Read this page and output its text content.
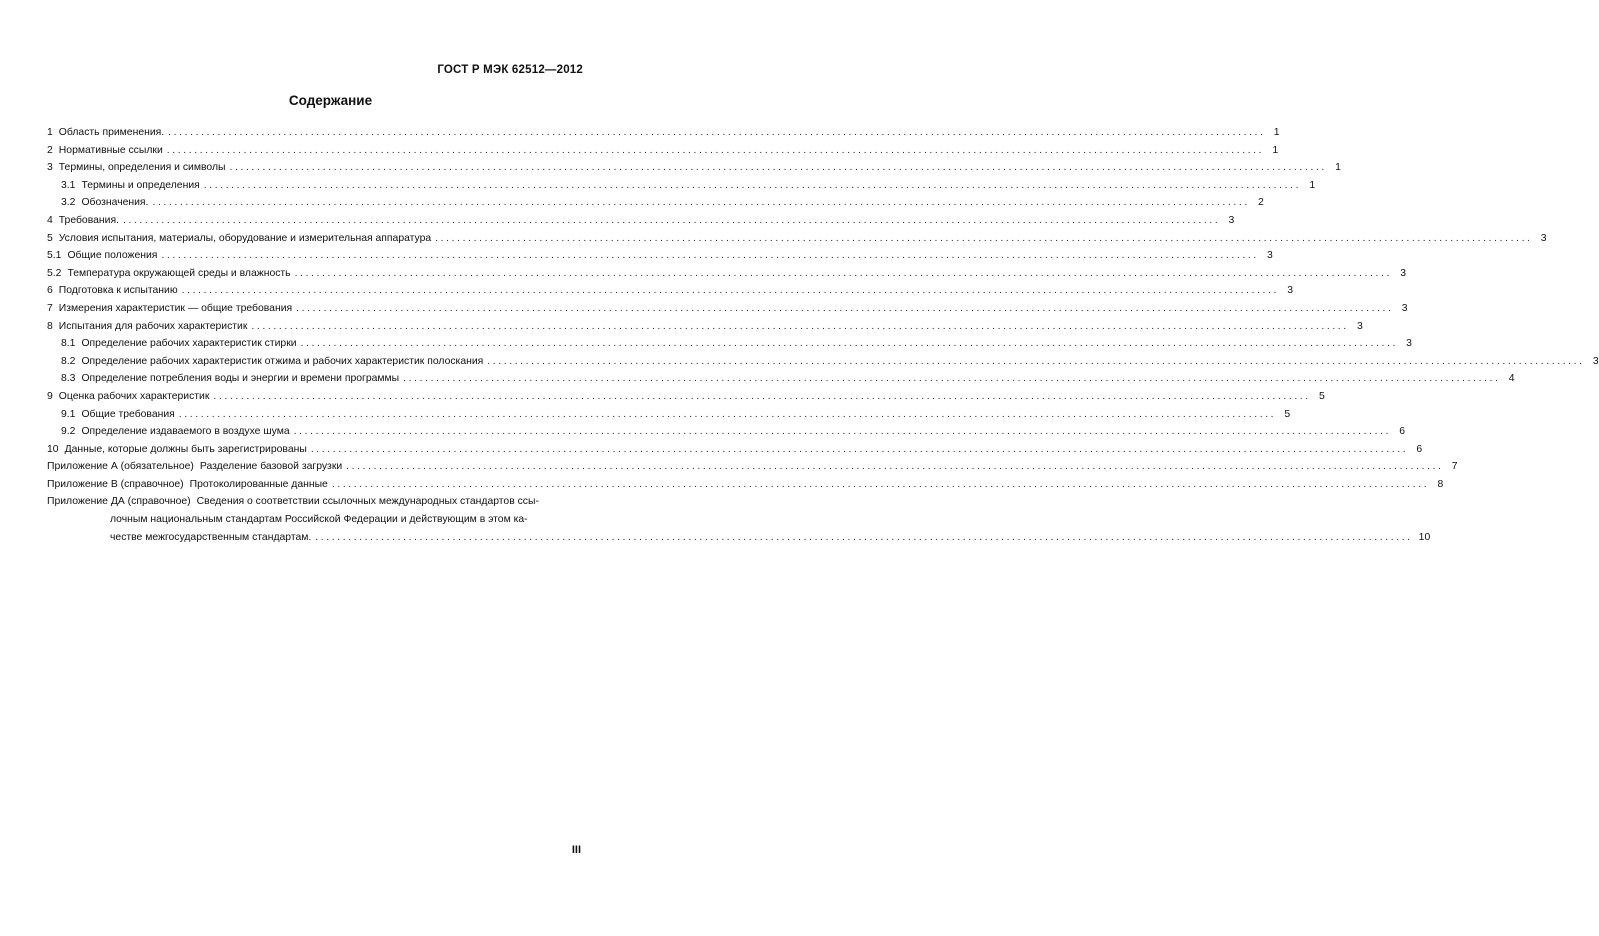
ГОСТ Р МЭК 62512—2012
Содержание
1 Область применения. ........................................................................................................................................................................................................ 1
2 Нормативные ссылки ........................................................................................................................................................................................................ 1
3 Термины, определения и символы ........................................................................................................................................................................................................ 1
3.1 Термины и определения ........................................................................................................................................................................................................ 1
3.2 Обозначения. ........................................................................................................................................................................................................ 2
4 Требования. ........................................................................................................................................................................................................ 3
5 Условия испытания, материалы, оборудование и измерительная аппаратура ........................................................................................................................................................................................................ 3
5.1 Общие положения ........................................................................................................................................................................................................ 3
5.2 Температура окружающей среды и влажность ........................................................................................................................................................................................................ 3
6 Подготовка к испытанию ........................................................................................................................................................................................................ 3
7 Измерения характеристик — общие требования ........................................................................................................................................................................................................ 3
8 Испытания для рабочих характеристик ........................................................................................................................................................................................................ 3
8.1 Определение рабочих характеристик стирки ........................................................................................................................................................................................................ 3
8.2 Определение рабочих характеристик отжима и рабочих характеристик полоскания ........................................................................................................................................................................................................ 3
8.3 Определение потребления воды и энергии и времени программы ........................................................................................................................................................................................................ 4
9 Оценка рабочих характеристик ........................................................................................................................................................................................................ 5
9.1 Общие требования ........................................................................................................................................................................................................ 5
9.2 Определение издаваемого в воздухе шума ........................................................................................................................................................................................................ 6
10 Данные, которые должны быть зарегистрированы ........................................................................................................................................................................................................ 6
Приложение А (обязательное) Разделение базовой загрузки ........................................................................................................................................................................................................ 7
Приложение В (справочное) Протоколированные данные ........................................................................................................................................................................................................ 8
Приложение ДА (справочное) Сведения о соответствии ссылочных международных стандартов ссы-
лочным национальным стандартам Российской Федерации и действующим в этом ка-
честве межгосударственным стандартам. ........................................................................................................................................................................................................ 10
III
